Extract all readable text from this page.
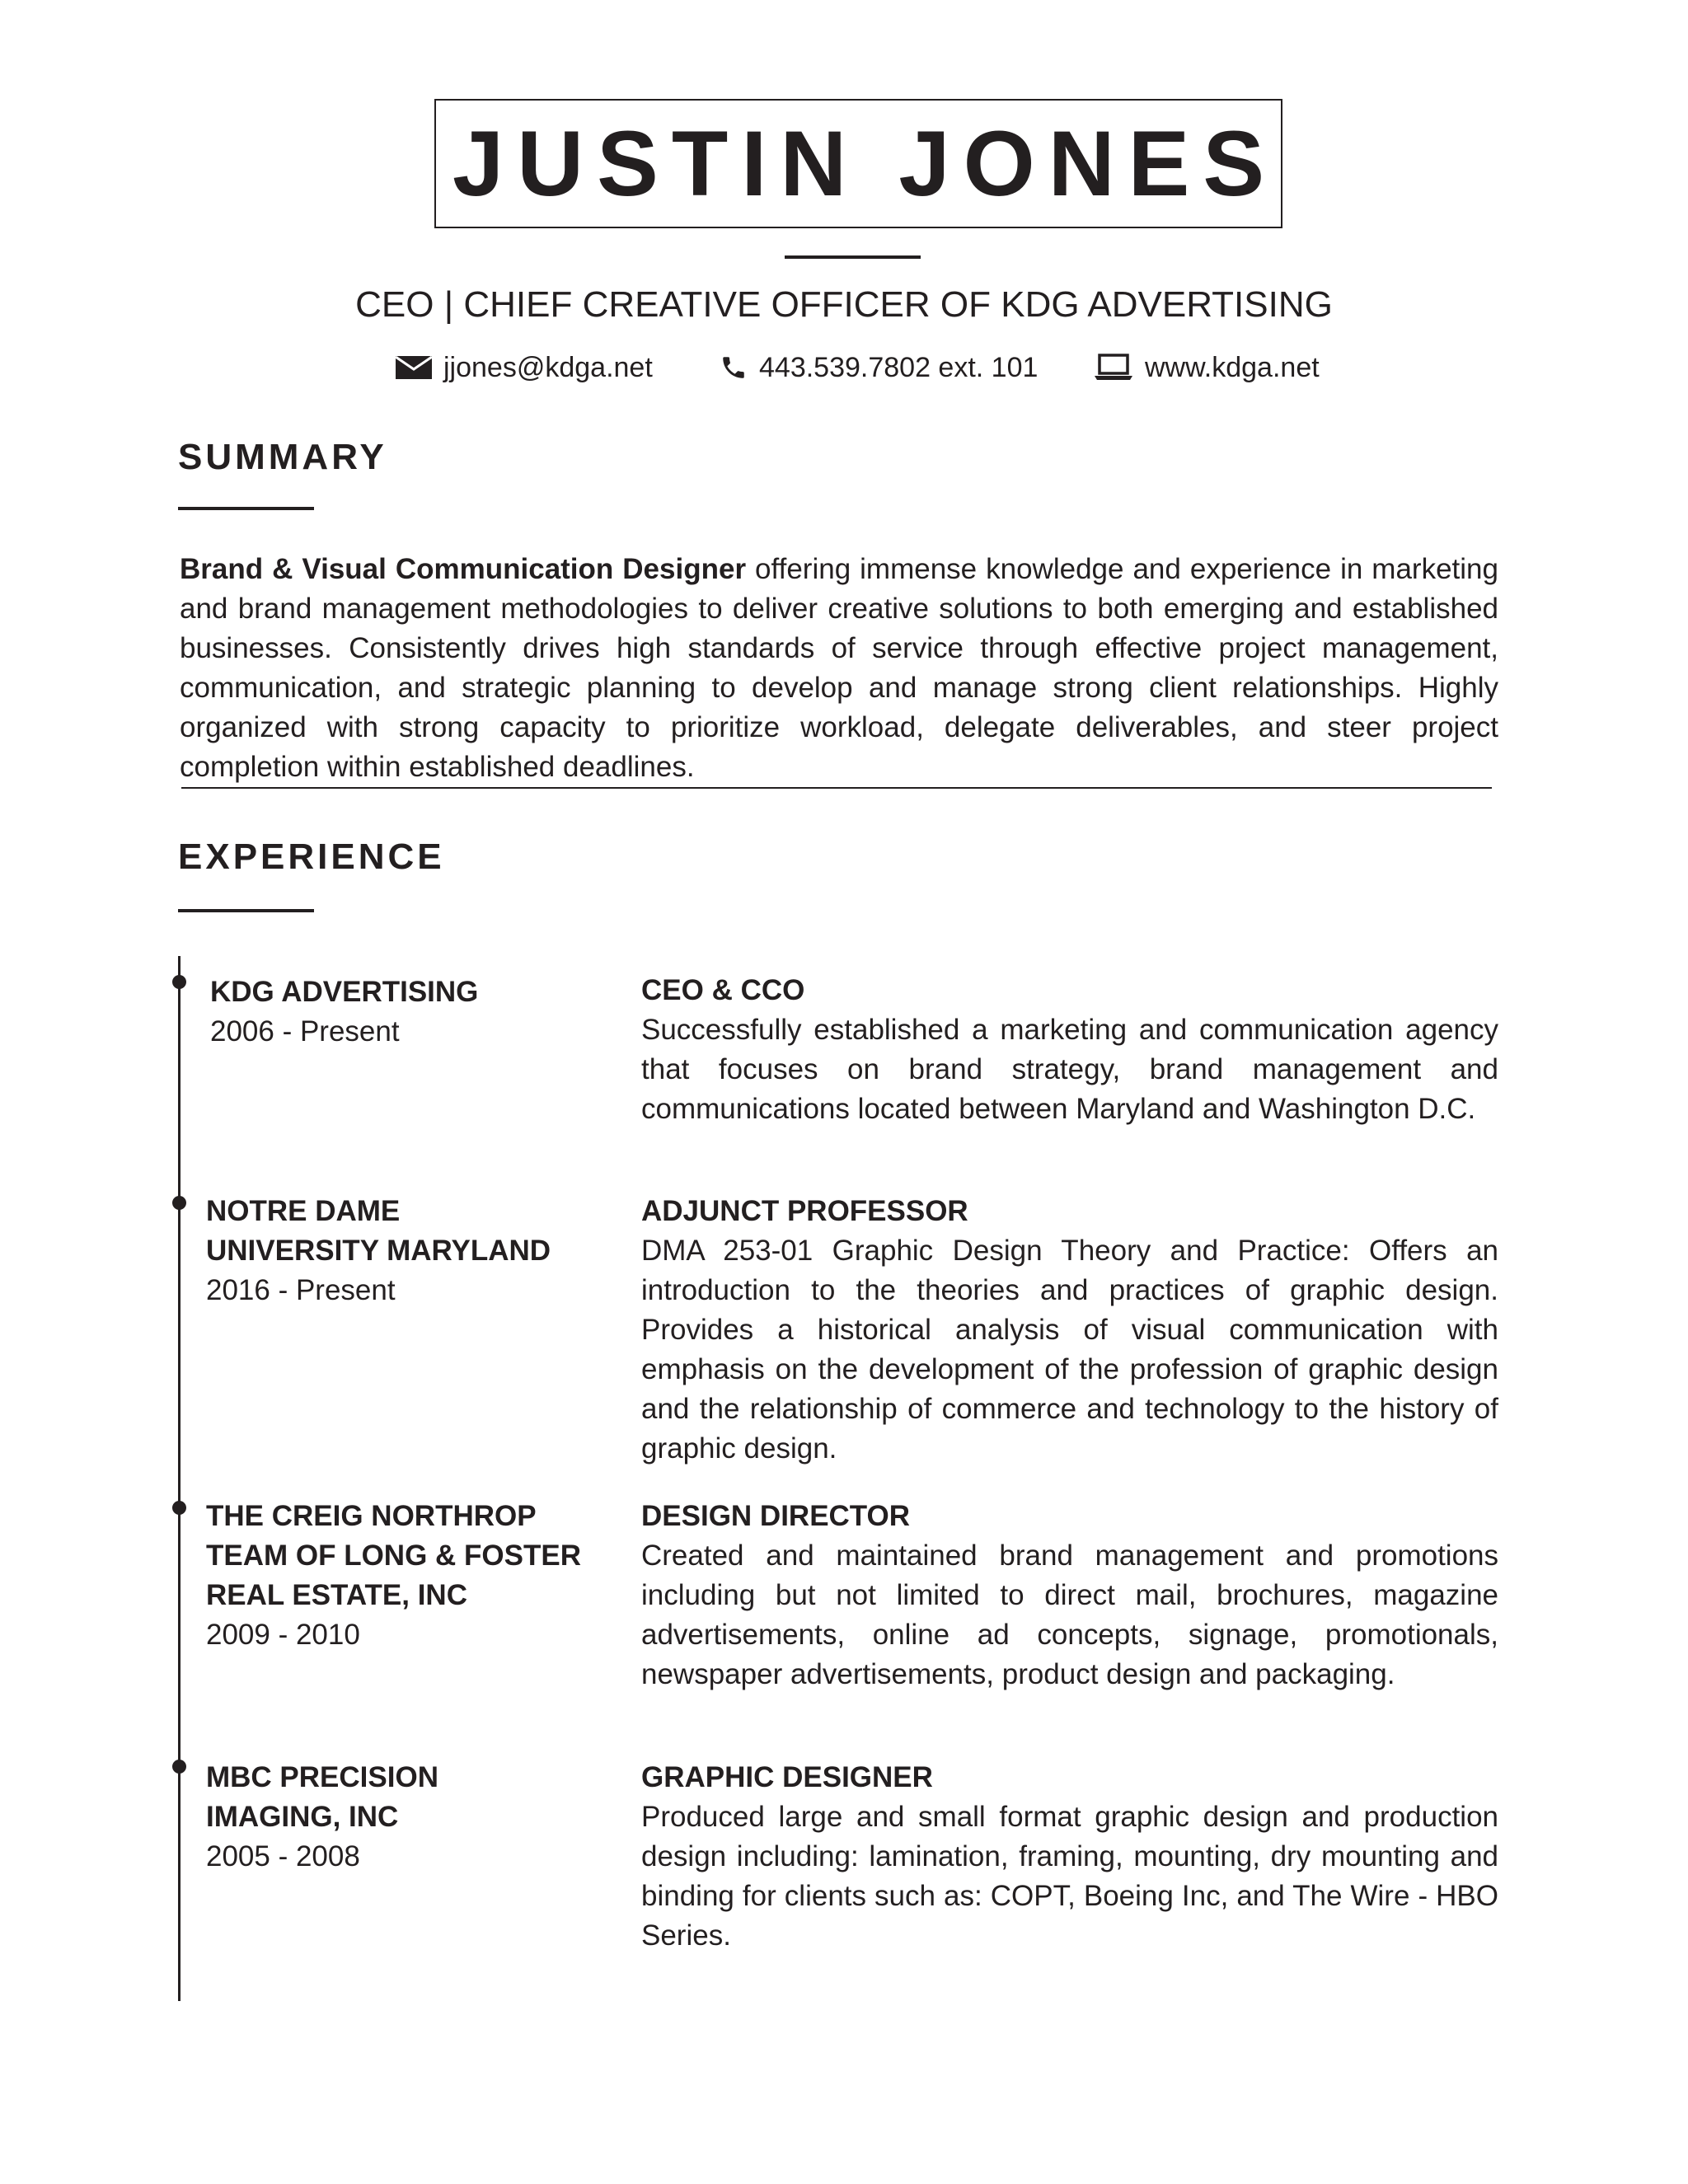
JUSTIN JONES
CEO | CHIEF CREATIVE OFFICER OF KDG ADVERTISING
jjones@kdga.net	443.539.7802 ext. 101	www.kdga.net
SUMMARY
Brand & Visual Communication Designer offering immense knowledge and experience in marketing and brand management methodologies to deliver creative solutions to both emerging and established businesses. Consistently drives high standards of service through effective project management, communication, and strategic planning to develop and manage strong client relationships. Highly organized with strong capacity to prioritize workload, delegate deliverables, and steer project completion within established deadlines.
EXPERIENCE
KDG ADVERTISING
2006 - Present
CEO & CCO
Successfully established a marketing and communication agency that focuses on brand strategy, brand management and communications located between Maryland and Washington D.C.
NOTRE DAME
UNIVERSITY MARYLAND
2016 - Present
ADJUNCT PROFESSOR
DMA 253-01 Graphic Design Theory and Practice: Offers an introduction to the theories and practices of graphic design. Provides a historical analysis of visual communication with emphasis on the development of the profession of graphic design and the relationship of commerce and technology to the history of graphic design.
THE CREIG NORTHROP
TEAM OF LONG & FOSTER
REAL ESTATE, INC
2009 - 2010
DESIGN DIRECTOR
Created and maintained brand management and promotions including but not limited to direct mail, brochures, magazine advertisements, online ad concepts, signage, promotionals, newspaper advertisements, product design and packaging.
MBC PRECISION
IMAGING, INC
2005 - 2008
GRAPHIC DESIGNER
Produced large and small format graphic design and production design including: lamination, framing, mounting, dry mounting and binding for clients such as: COPT, Boeing Inc, and The Wire - HBO Series.
